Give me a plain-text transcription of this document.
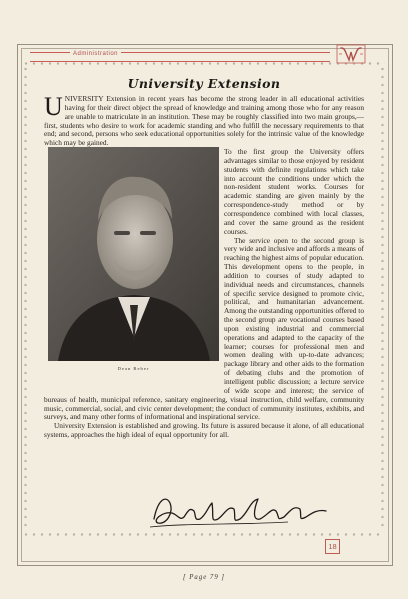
Administration
University Extension

UNIVERSITY Extension in recent years has become the strong leader in all educational activities having for their direct object the spread of knowledge and training among those who for any reason are unable to matriculate in an institution. These may be roughly classified into two main groups,—first, students who desire to work for academic standing and who fulfill the necessary requirements to that end; and second, persons who seek educational opportunities solely for the intrinsic value of the knowledge which may be gained.

To the first group the University offers advantages similar to those enjoyed by resident students with definite regulations which take into account the conditions under which the non-resident student works. Courses for academic standing are given mainly by the correspondence-study method or by correspondence combined with local classes, and cover the same ground as the resident courses.

The service open to the second group is very wide and inclusive and affords a means of reaching the highest aims of popular education. This development opens to the people, in addition to courses of study adapted to individual needs and circumstances, channels of specific service designed to promote civic, political, and humanitarian advancement. Among the outstanding opportunities offered to the second group are vocational courses based upon existing industrial and commercial operations and adapted to the capacity of the learner; courses for professional men and women dealing with up-to-date advances; package library and other aids to the formation of debating clubs and the promotion of intelligent public discussion; a lecture service of wide scope and interest; the service of bureaus of health, municipal reference, sanitary engineering, visual instruction, child welfare, community music, commercial, social, and civic center development; the conduct of community institutes, exhibits, and surveys, and many other forms of informational and inspirational service.

University Extension is established and growing. Its future is assured because it alone, of all educational systems, approaches the high ideal of equal opportunity for all.

Dean Reber
18
[ Page 79 ]
